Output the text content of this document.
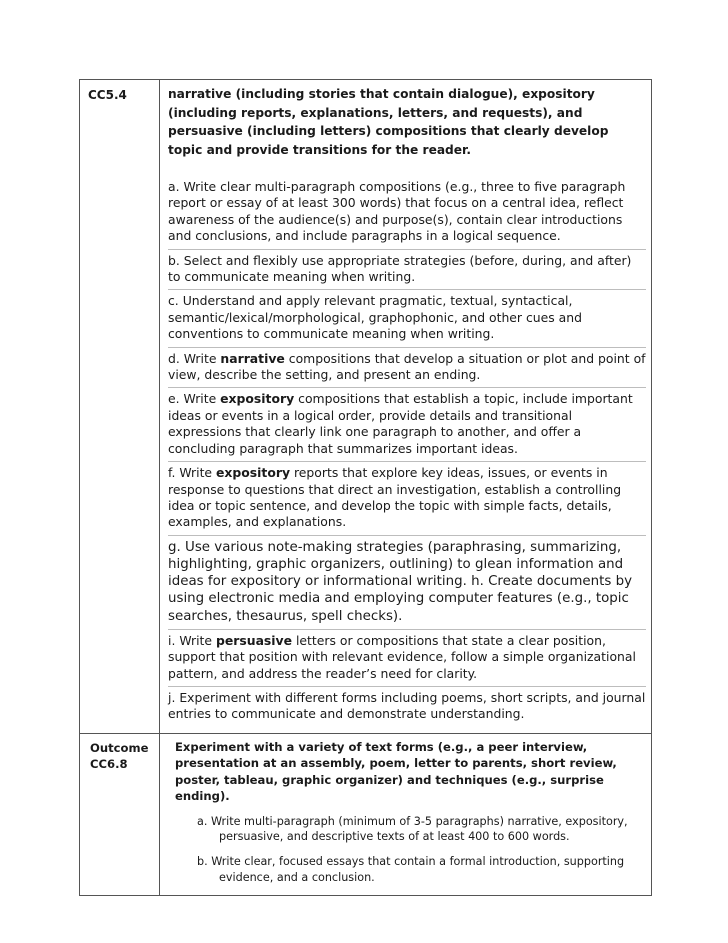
CC5.4	narrative (including stories that contain dialogue), expository (including reports, explanations, letters, and requests), and persuasive (including letters) compositions that clearly develop topic and provide transitions for the reader.

a. Write clear multi-paragraph compositions (e.g., three to five paragraph report or essay of at least 300 words) that focus on a central idea, reflect awareness of the audience(s) and purpose(s), contain clear introductions and conclusions, and include paragraphs in a logical sequence.

b. Select and flexibly use appropriate strategies (before, during, and after) to communicate meaning when writing.

c. Understand and apply relevant pragmatic, textual, syntactical, semantic/lexical/morphological, graphophonic, and other cues and conventions to communicate meaning when writing.

d. Write narrative compositions that develop a situation or plot and point of view, describe the setting, and present an ending.

e. Write expository compositions that establish a topic, include important ideas or events in a logical order, provide details and transitional expressions that clearly link one paragraph to another, and offer a concluding paragraph that summarizes important ideas.

f. Write expository reports that explore key ideas, issues, or events in response to questions that direct an investigation, establish a controlling idea or topic sentence, and develop the topic with simple facts, details, examples, and explanations.

g. Use various note-making strategies (paraphrasing, summarizing, highlighting, graphic organizers, outlining) to glean information and ideas for expository or informational writing. h. Create documents by using electronic media and employing computer features (e.g., topic searches, thesaurus, spell checks).

i. Write persuasive letters or compositions that state a clear position, support that position with relevant evidence, follow a simple organizational pattern, and address the reader’s need for clarity.

j. Experiment with different forms including poems, short scripts, and journal entries to communicate and demonstrate understanding.

Outcome
CC6.8

Experiment with a variety of text forms (e.g., a peer interview, presentation at an assembly, poem, letter to parents, short review, poster, tableau, graphic organizer) and techniques (e.g., surprise ending).

a. Write multi-paragraph (minimum of 3-5 paragraphs) narrative, expository, persuasive, and descriptive texts of at least 400 to 600 words.

b. Write clear, focused essays that contain a formal introduction, supporting evidence, and a conclusion.
